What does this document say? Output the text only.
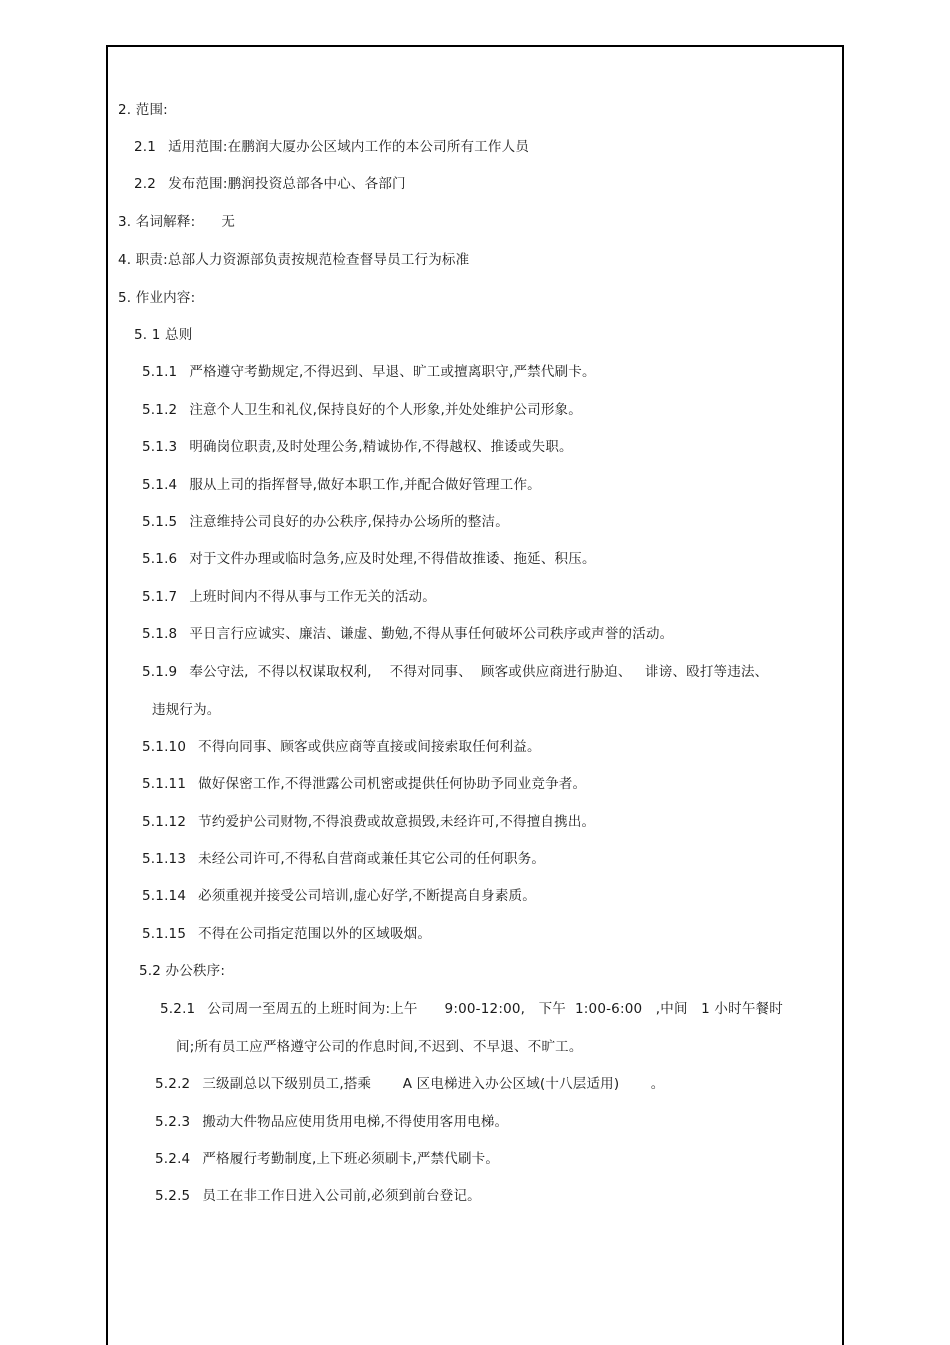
2. 范围:
2.1 适用范围:在鹏润大厦办公区域内工作的本公司所有工作人员
2.2 发布范围:鹏润投资总部各中心、各部门
3. 名词解释: 无
4. 职责:总部人力资源部负责按规范检查督导员工行为标准
5. 作业内容:
5. 1 总则
5.1.1 严格遵守考勤规定,不得迟到、早退、旷工或擅离职守,严禁代刷卡。
5.1.2 注意个人卫生和礼仪,保持良好的个人形象,并处处维护公司形象。
5.1.3 明确岗位职责,及时处理公务,精诚协作,不得越权、推诿或失职。
5.1.4 服从上司的指挥督导,做好本职工作,并配合做好管理工作。
5.1.5 注意维持公司良好的办公秩序,保持办公场所的整洁。
5.1.6 对于文件办理或临时急务,应及时处理,不得借故推诿、拖延、积压。
5.1.7 上班时间内不得从事与工作无关的活动。
5.1.8 平日言行应诚实、廉洁、谦虚、勤勉,不得从事任何破坏公司秩序或声誉的活动。
5.1.9 奉公守法,  不得以权谋取权利,    不得对同事、  顾客或供应商进行胁迫、   诽谤、殴打等违法、
违规行为。
5.1.10 不得向同事、顾客或供应商等直接或间接索取任何利益。
5.1.11 做好保密工作,不得泄露公司机密或提供任何协助予同业竞争者。
5.1.12 节约爱护公司财物,不得浪费或故意损毁,未经许可,不得擅自携出。
5.1.13 未经公司许可,不得私自营商或兼任其它公司的任何职务。
5.1.14 必须重视并接受公司培训,虚心好学,不断提高自身素质。
5.1.15 不得在公司指定范围以外的区域吸烟。
5.2 办公秩序:
5.2.1 公司周一至周五的上班时间为:上午      9:00-12:00,   下午  1:00-6:00   ,中间   1 小时午餐时
间;所有员工应严格遵守公司的作息时间,不迟到、不早退、不旷工。
5.2.2 三级副总以下级别员工,搭乘       A 区电梯进入办公区域(十八层适用)       。
5.2.3 搬动大件物品应使用货用电梯,不得使用客用电梯。
5.2.4 严格履行考勤制度,上下班必须刷卡,严禁代刷卡。
5.2.5 员工在非工作日进入公司前,必须到前台登记。
